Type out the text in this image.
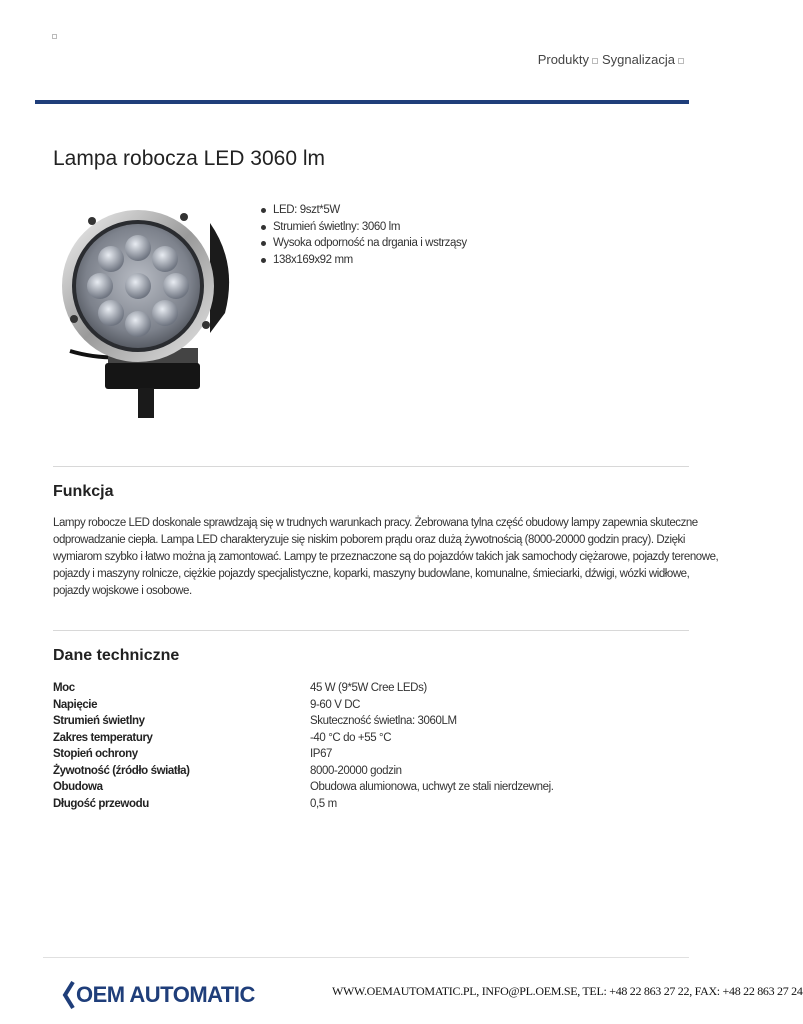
Produkty Sygnalizacja
Lampa robocza LED 3060 lm
LED: 9szt*5W
Strumień świetlny: 3060 lm
Wysoka odporność na drgania i wstrząsy
138x169x92 mm
Funkcja
Lampy robocze LED doskonale sprawdzają się w trudnych warunkach pracy. Żebrowana tylna część obudowy lampy zapewnia skuteczne
odprowadzanie ciepła. Lampa LED charakteryzuje się niskim poborem prądu oraz dużą żywotnością (8000-20000 godzin pracy). Dzięki
wymiarom szybko i łatwo można ją zamontować. Lampy te przeznaczone są do pojazdów takich jak samochody ciężarowe, pojazdy terenowe,
pojazdy i maszyny rolnicze, ciężkie pojazdy specjalistyczne, koparki, maszyny budowlane, komunalne, śmieciarki, dźwigi, wózki widłowe,
pojazdy wojskowe i osobowe.
Dane techniczne
Moc	45 W (9*5W Cree LEDs)
Napięcie	9-60 V DC
Strumień świetlny	Skuteczność świetlna: 3060LM
Zakres temperatury	-40 °C do +55 °C
Stopień ochrony	IP67
Żywotność (źródło światła)	8000-20000 godzin
Obudowa	Obudowa alumionowa, uchwyt ze stali nierdzewnej.
Długość przewodu	0,5 m
OEM AUTOMATIC	WWW.OEMAUTOMATIC.PL, INFO@PL.OEM.SE, TEL: +48 22 863 27 22, FAX: +48 22 863 27 24
